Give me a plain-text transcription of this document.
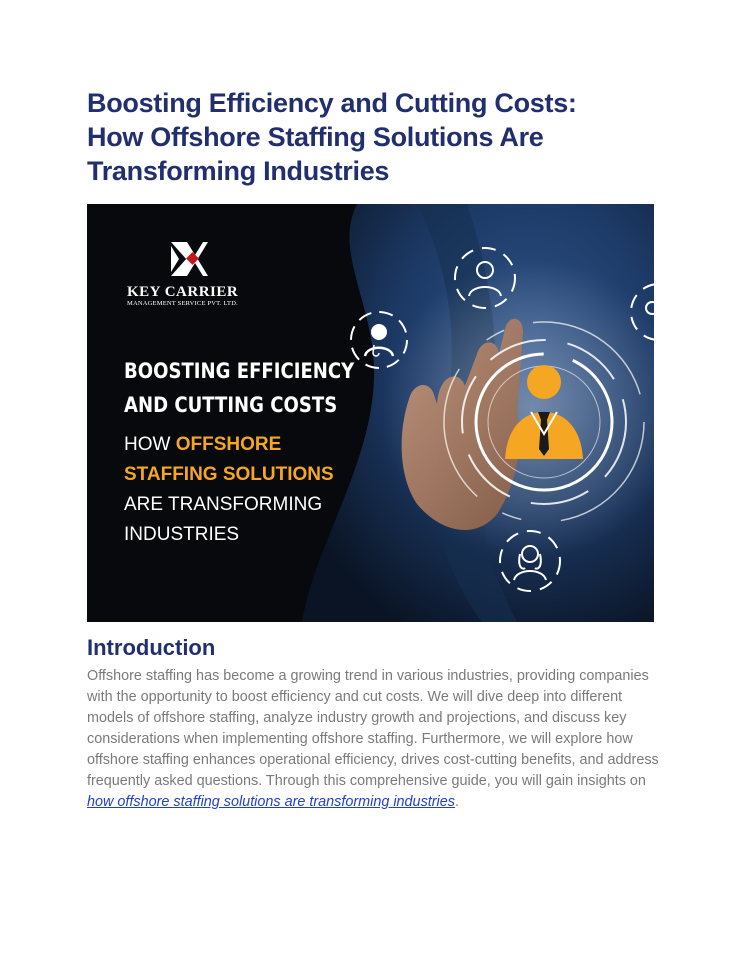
Boosting Efficiency and Cutting Costs:
How Offshore Staffing Solutions Are
Transforming Industries
KEY CARRIER
MANAGEMENT SERVICE PVT. LTD.
BOOSTING EFFICIENCY
AND CUTTING COSTS
HOW OFFSHORE
STAFFING SOLUTIONS
ARE TRANSFORMING
INDUSTRIES
Introduction

Offshore staffing has become a growing trend in various industries, providing companies with the opportunity to boost efficiency and cut costs. We will dive deep into different models of offshore staffing, analyze industry growth and projections, and discuss key considerations when implementing offshore staffing. Furthermore, we will explore how offshore staffing enhances operational efficiency, drives cost-cutting benefits, and address frequently asked questions. Through this comprehensive guide, you will gain insights on how offshore staffing solutions are transforming industries.
